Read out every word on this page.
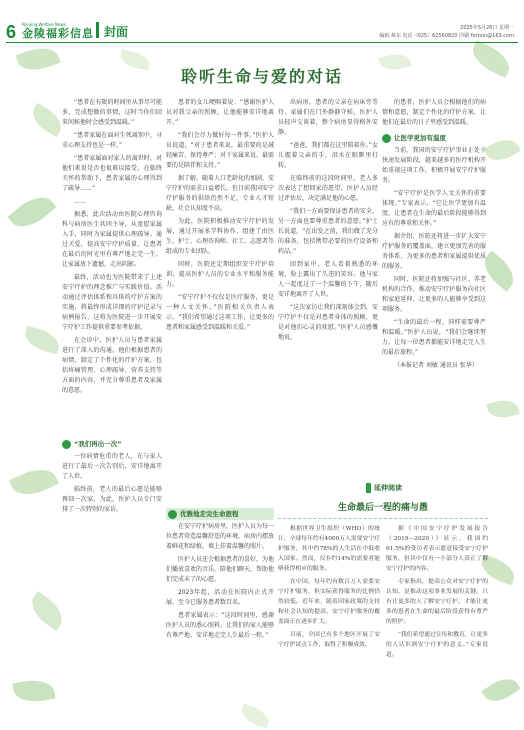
6 Nanjing Welfare News
金陵福彩信息 封面	2025年5月26日 星期一
编辑 蔡东 电话（025）62560820 印刷 fortoin@163.com
聆听生命与爱的对话

“患者在有限的时间里从事尽可能多，完成想做的事情，这时当你们回来问候他时会感受到温暖。”

“患者家属在面对生死离别中，寻求心理支持也是一样。”

“患者家属面对家人的离世时，对他们来说是否也很难以接受，在临终关怀的帮助下，患者家属的心理得到了疏导……”

……

据悉，此次活动由医院心理咨询科与病房医生共同主导，从宽慰家属入手，同时为家属提供心理疏导。通过关爱，提高安宁疗护质量，让患者在最后的时光里有尊严地走完一生，让家属放下遗憾，走出阴影。

最终，活动也为医院带来了上述安宁疗护的理念推广与实践价值。活动通过评估体系和具体的疗护方案的实施，将最终形成详细的疗护记录与病例报告，这将为医院进一步开展安宁疗护工作提供重要参考依据。

在会诊中，医护人员与患者家属进行了深入的沟通，他们根据患者的病情，制定了个性化的疗护方案，包括疼痛管理、心理疏导、营养支持等方面的内容，并充分尊重患者及家属的意愿。

“我们再出一次”

一位病情危重的老人，在与家人进行了最后一次告别后，安详地离开了人世。

临终前，老人的最后心愿是能够再回一次家，为此，医护人员专门安排了一次特别的家访。

患者的女儿哽咽着说：“感谢医护人员对我父亲的照顾，让他能够安详地离开。”

“我们会尽力做好每一件事。”医护人员说道，“对于患者来说，最重要的是减轻痛苦、保持尊严；对于家属来说，最需要的是陪伴和支持。”

据了解，随着人口老龄化的加剧，安宁疗护的需求日益增长，但目前我国安宁疗护服务的供给仍然不足，专业人才短缺，社会认知度不高。

为此，医院积极推动安宁疗护的发展，通过开展多学科协作，组建了由医生、护士、心理咨询师、社工、志愿者等组成的专业团队。

同时，医院还定期组织安宁疗护培训，提高医护人员的专业水平和服务能力。

“安宁疗护不仅仅是医疗服务，更是一种人文关怀。”医院相关负责人表示，“我们希望通过这项工作，让更多的患者和家属感受到温暖和关爱。”

优雅地走完生命旅程

在安宁疗护病房里，医护人员为每一位患者营造温馨舒适的环境，病房内摆放着鲜花和绿植，墙上挂着温馨的照片。

医护人员还会根据患者的喜好，为他们播放喜欢的音乐，陪他们聊天，帮助他们完成未了的心愿。

2023年起，活动在医院内正式开展，至今已服务患者数百名。

患者家属表示：“这段时间里，感谢医护人员的悉心照料，让我们的家人能够有尊严地、安详地走完人生最后一程。”

出病房。患者的父亲在病床旁等待，家属们在门外静静守候，医护人员轻声交谈着，整个病房显得格外安静。

“爸爸，我们都在这里陪着你。”女儿握着父亲的手，泪水在眼眶里打转。

在临终前的这段时间里，老人多次表达了想回家的愿望，医护人员经过评估后，决定满足他的心愿。

“我们一方面要保证患者的安全，另一方面也要尊重患者的意愿。”护士长说道，“在出发之前，我们做了充分的准备，包括携带必要的医疗设备和药品。”

回到家中，老人看着熟悉的环境，脸上露出了久违的笑容。他与家人一起度过了一个温馨的下午，随后安详地离开了人世。

“这次家访让我们深刻体会到，安宁疗护不仅是对患者身体的照顾，更是对他们心灵的抚慰。”医护人员感慨地说。

的患者，医护人员会根据他们的病情和意愿，制定个性化的疗护方案，让他们在最后的日子里感受到温暖。

让医学更加有温度

当前，我国的安宁疗护事业正处于快速发展阶段，越来越多的医疗机构开始重视这项工作，积极开展安宁疗护服务。

“安宁疗护是医学人文关怀的重要体现。”专家表示，“它让医学更加有温度，让患者在生命的最后阶段能够得到应有的尊重和关怀。”

据介绍，医院还将进一步扩大安宁疗护服务的覆盖面，建立更加完善的服务体系，为更多的患者和家属提供优质的服务。

同时，医院还将加强与社区、养老机构的合作，推动安宁疗护服务向社区和家庭延伸，让更多的人能够享受到这项服务。

“生命的最后一程，同样需要尊严和温暖。”医护人员说，“我们会继续努力，让每一位患者都能安详地走完人生的最后旅程。”

（本报记者 刘敏 通讯员 张华）

延伸阅读
生命最后一程的痛与愚

根据世界卫生组织（WHO）的统计，全球每年约有4000万人需要安宁疗护服务，其中约78%的人生活在中低收入国家。然而，仅有约14%的需要者能够获得相应的服务。

在中国，每年约有数百万人需要安宁疗护服务，但实际获得服务的比例仍然较低。近年来，随着国家政策的支持和社会认知的提高，安宁疗护服务的覆盖面正在逐步扩大。

目前，全国已有多个地区开展了安宁疗护试点工作，取得了积极成效。

据《中国安宁疗护发展报告（2019—2020）》显示，我国约61.5%的受访者表示愿意接受安宁疗护服务，但其中仅有一小部分人真正了解安宁疗护的内容。

专家指出，提高公众对安宁疗护的认知，是推动这项事业发展的关键。只有让更多的人了解安宁疗护，才能让更多的患者在生命的最后阶段获得有尊严的照护。

“我们希望通过宣传和教育，让更多的人认识到安宁疗护的意义。”专家说道。
